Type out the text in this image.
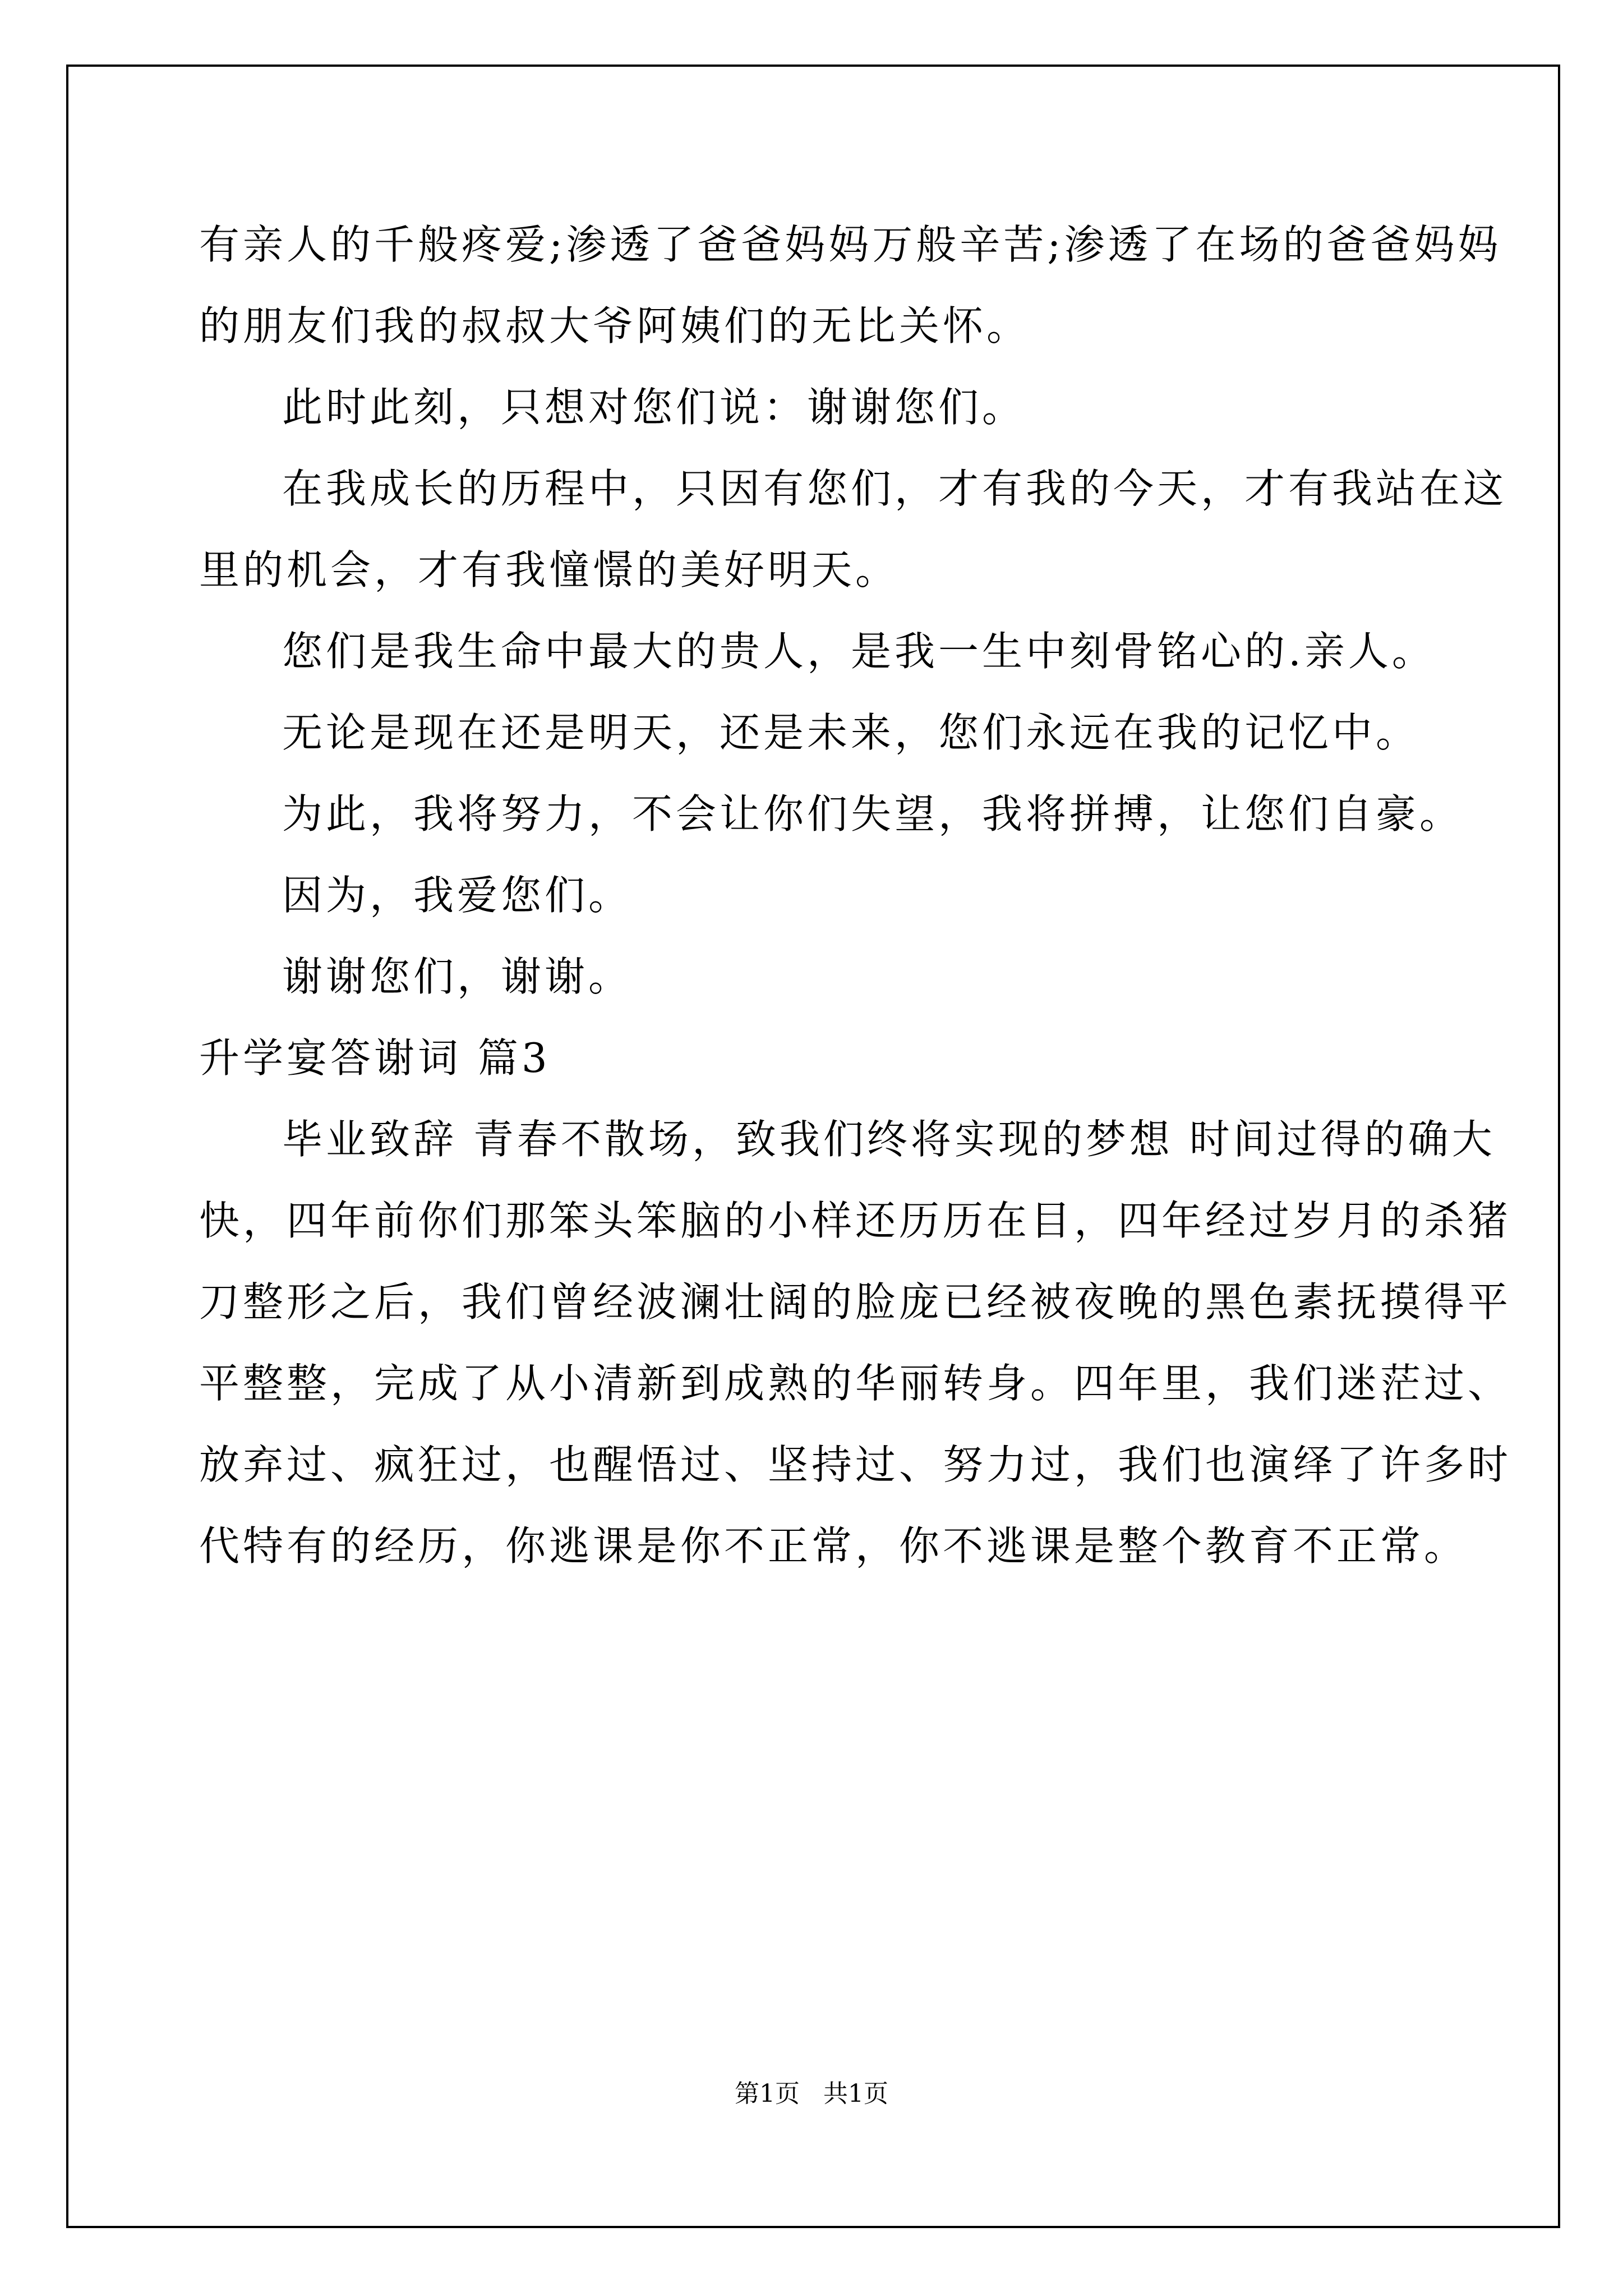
有亲人的千般疼爱;渗透了爸爸妈妈万般辛苦;渗透了在场的爸爸妈妈
的朋友们我的叔叔大爷阿姨们的无比关怀。
此时此刻，只想对您们说：谢谢您们。
在我成长的历程中，只因有您们，才有我的今天，才有我站在这
里的机会，才有我憧憬的美好明天。
您们是我生命中最大的贵人，是我一生中刻骨铭心的.亲人。
无论是现在还是明天，还是未来，您们永远在我的记忆中。
为此，我将努力，不会让你们失望，我将拼搏，让您们自豪。
因为，我爱您们。
谢谢您们，谢谢。
升学宴答谢词 篇3
毕业致辞 青春不散场，致我们终将实现的梦想 时间过得的确大
快，四年前你们那笨头笨脑的小样还历历在目，四年经过岁月的杀猪
刀整形之后，我们曾经波澜壮阔的脸庞已经被夜晚的黑色素抚摸得平
平整整，完成了从小清新到成熟的华丽转身。四年里，我们迷茫过、
放弃过、疯狂过，也醒悟过、坚持过、努力过，我们也演绎了许多时
代特有的经历，你逃课是你不正常，你不逃课是整个教育不正常。
第1页   共1页
